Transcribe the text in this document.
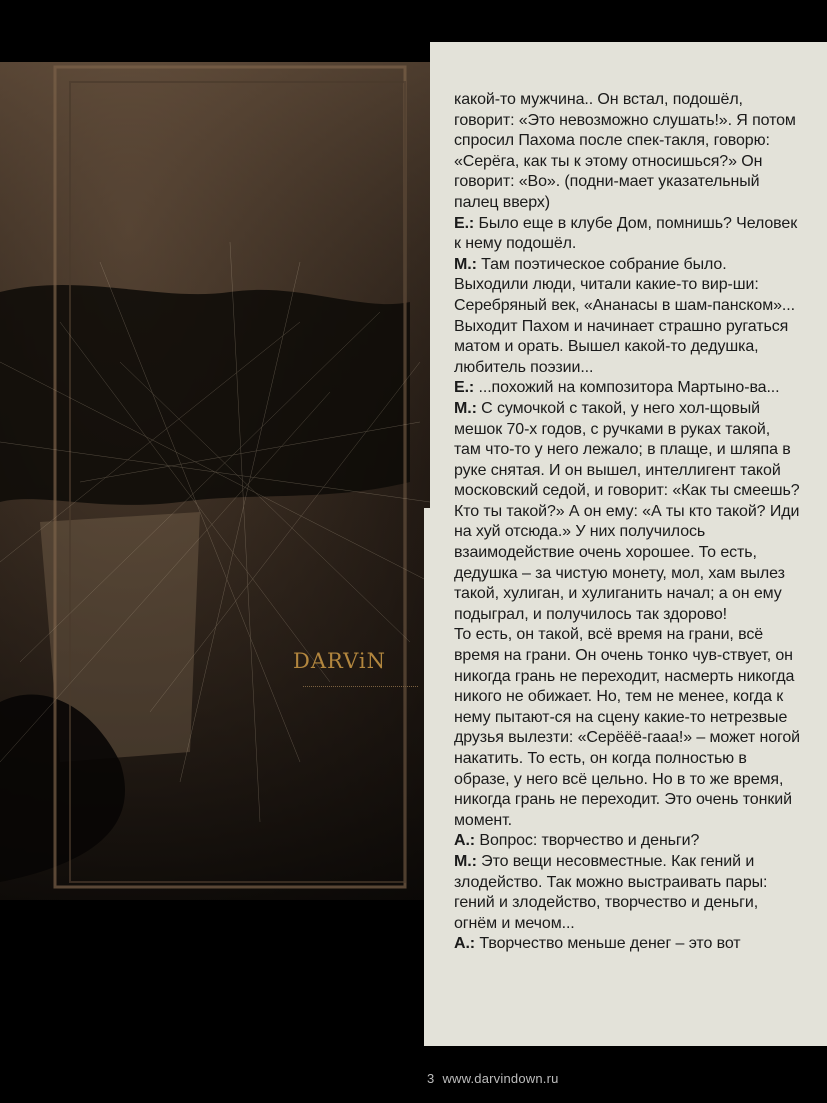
DARViN

какой-то мужчина.. Он встал, подошёл, говорит: «Это невозможно слушать!». Я потом спросил Пахома после спек-такля, говорю: «Серёга, как ты к этому относишься?» Он говорит: «Во». (подни-мает указательный палец вверх)

Е.: Было еще в клубе Дом, помнишь? Человек к нему подошёл.

М.: Там поэтическое собрание было. Выходили люди, читали какие-то вир-ши: Серебряный век, «Ананасы в шам-панском»... Выходит Пахом и начинает страшно ругаться матом и орать. Вышел какой-то дедушка, любитель поэзии...

Е.: ...похожий на композитора Мартыно-ва...

М.: С сумочкой с такой, у него хол-щовый мешок 70-х годов, с ручками в руках такой, там что-то у него лежало; в плаще, и шляпа в руке снятая. И он вышел, интеллигент такой московский седой, и говорит: «Как ты смеешь? Кто ты такой?» А он ему: «А ты кто такой? Иди на хуй отсюда.» У них получилось взаимодействие очень хорошее. То есть, дедушка – за чистую монету, мол, хам вылез такой, хулиган, и хулиганить начал; а он ему подыграл, и получилось так здорово!

То есть, он такой, всё время на грани, всё время на грани. Он очень тонко чув-ствует, он никогда грань не переходит, насмерть никогда никого не обижает. Но, тем не менее, когда к нему пытают-ся на сцену какие-то нетрезвые друзья вылезти: «Серёёё-гааа!» – может ногой накатить. То есть, он когда полностью в образе, у него всё цельно. Но в то же время, никогда грань не переходит. Это очень тонкий момент.

А.: Вопрос: творчество и деньги?

М.: Это вещи несовместные. Как гений и злодейство. Так можно выстраивать пары: гений и злодейство, творчество и деньги, огнём и мечом...

А.: Творчество меньше денег – это вот

3 www.darvindown.ru
